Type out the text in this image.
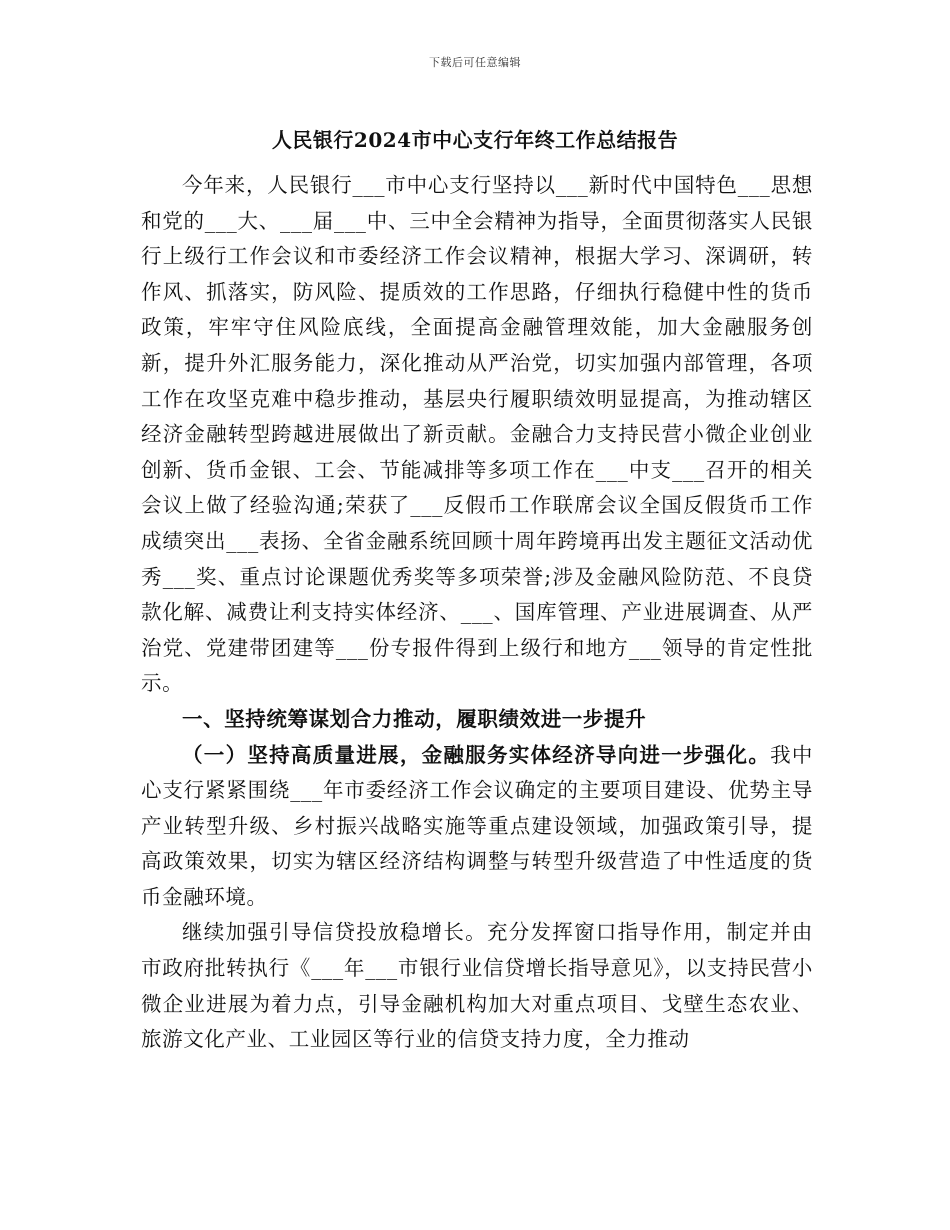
下载后可任意编辑
人民银行2024市中心支行年终工作总结报告

今年来，人民银行___市中心支行坚持以___新时代中国特色___思想和党的___大、___届___中、三中全会精神为指导，全面贯彻落实人民银行上级行工作会议和市委经济工作会议精神，根据大学习、深调研，转作风、抓落实，防风险、提质效的工作思路，仔细执行稳健中性的货币政策，牢牢守住风险底线，全面提高金融管理效能，加大金融服务创新，提升外汇服务能力，深化推动从严治党，切实加强内部管理，各项工作在攻坚克难中稳步推动，基层央行履职绩效明显提高，为推动辖区经济金融转型跨越进展做出了新贡献。金融合力支持民营小微企业创业创新、货币金银、工会、节能减排等多项工作在___中支___召开的相关会议上做了经验沟通;荣获了___反假币工作联席会议全国反假货币工作成绩突出___表扬、全省金融系统回顾十周年跨境再出发主题征文活动优秀___奖、重点讨论课题优秀奖等多项荣誉;涉及金融风险防范、不良贷款化解、减费让利支持实体经济、___、国库管理、产业进展调查、从严治党、党建带团建等___份专报件得到上级行和地方___领导的肯定性批示。

一、坚持统筹谋划合力推动，履职绩效进一步提升

（一）坚持高质量进展，金融服务实体经济导向进一步强化。我中心支行紧紧围绕___年市委经济工作会议确定的主要项目建设、优势主导产业转型升级、乡村振兴战略实施等重点建设领域，加强政策引导，提高政策效果，切实为辖区经济结构调整与转型升级营造了中性适度的货币金融环境。

继续加强引导信贷投放稳增长。充分发挥窗口指导作用，制定并由市政府批转执行《___年___市银行业信贷增长指导意见》，以支持民营小微企业进展为着力点，引导金融机构加大对重点项目、戈壁生态农业、旅游文化产业、工业园区等行业的信贷支持力度，全力推动
